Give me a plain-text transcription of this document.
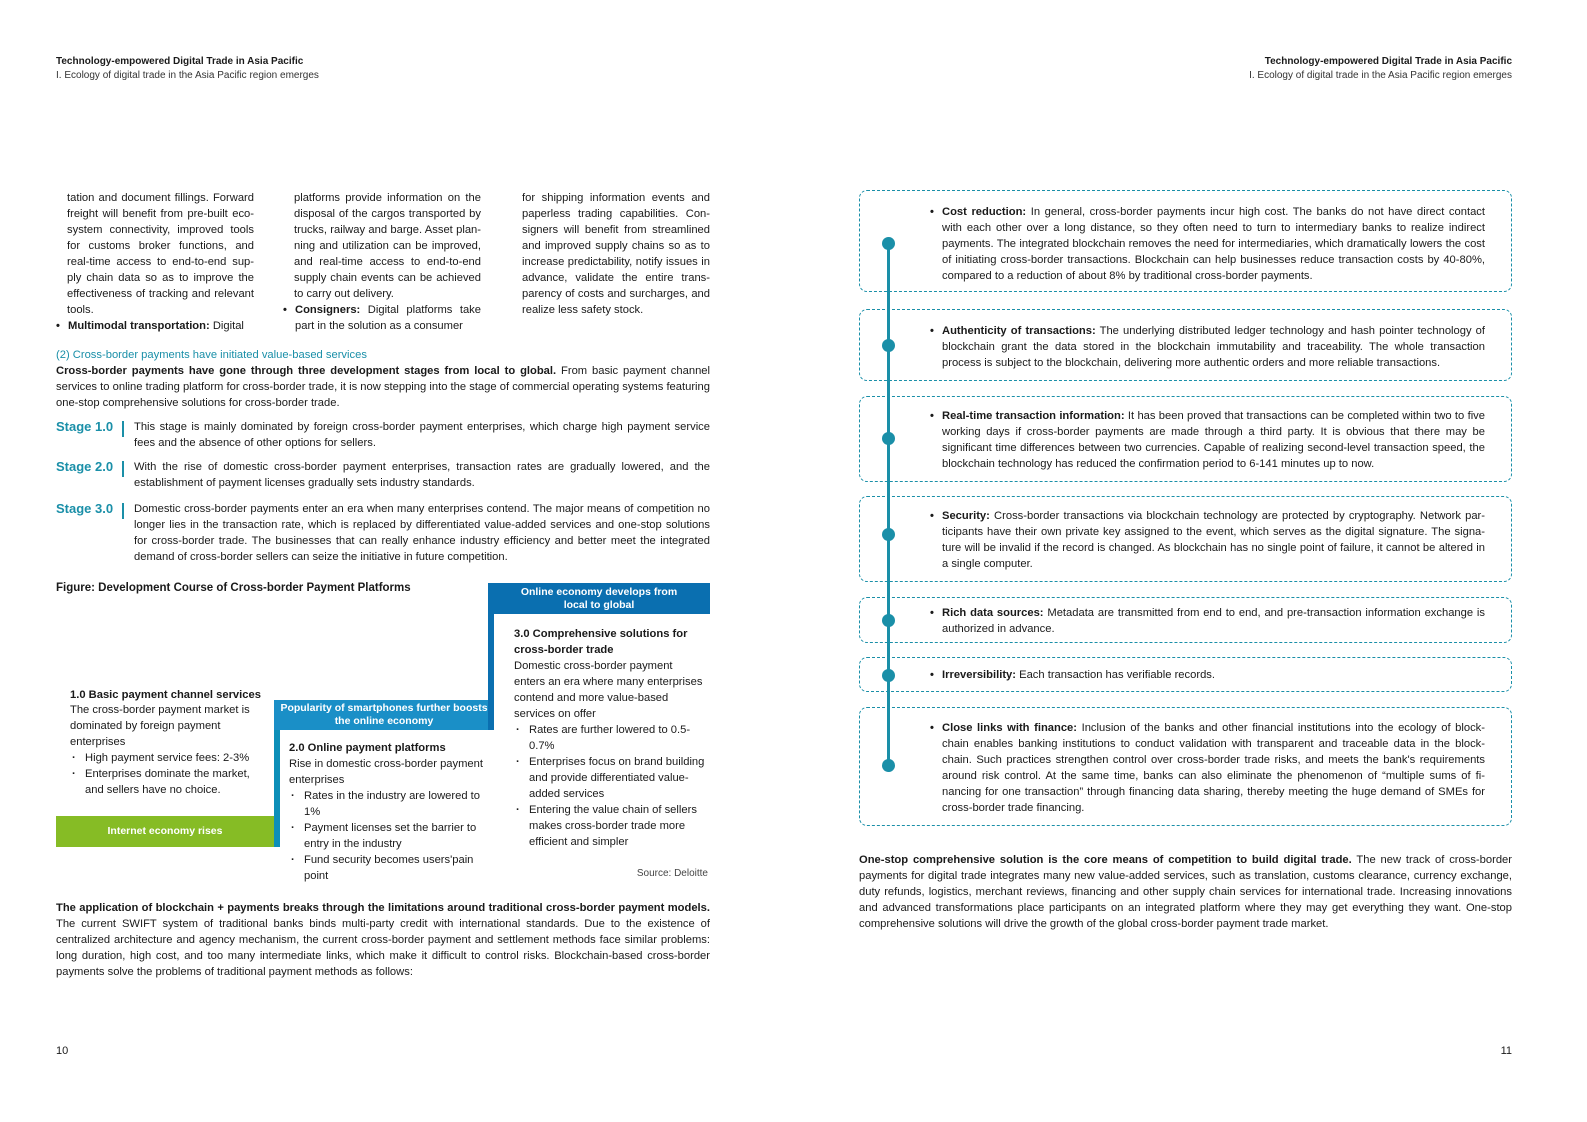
Technology-empowered Digital Trade in Asia Pacific
I. Ecology of digital trade in the Asia Pacific region emerges
Technology-empowered Digital Trade in Asia Pacific
I. Ecology of digital trade in the Asia Pacific region emerges
tation and document fillings. Forward freight will benefit from pre-built eco-system connectivity, improved tools for customs broker functions, and real-time access to end-to-end sup-ply chain data so as to improve the effectiveness of tracking and relevant tools.
• Multimodal transportation: Digital
platforms provide information on the disposal of the cargos transported by trucks, railway and barge. Asset plan-ning and utilization can be improved, and real-time access to end-to-end supply chain events can be achieved to carry out delivery.
• Consigners: Digital platforms take part in the solution as a consumer
for shipping information events and paperless trading capabilities. Con-signers will benefit from streamlined and improved supply chains so as to increase predictability, notify issues in advance, validate the entire trans-parency of costs and surcharges, and realize less safety stock.
(2) Cross-border payments have initiated value-based services
Cross-border payments have gone through three development stages from local to global. From basic payment channel services to online trading platform for cross-border trade, it is now stepping into the stage of commercial operating systems featuring one-stop comprehensive solutions for cross-border trade.
Stage 1.0	This stage is mainly dominated by foreign cross-border payment enterprises, which charge high payment service fees and the absence of other options for sellers.
Stage 2.0	With the rise of domestic cross-border payment enterprises, transaction rates are gradually lowered, and the establishment of payment licenses gradually sets industry standards.
Stage 3.0	Domestic cross-border payments enter an era when many enterprises contend. The major means of competition no longer lies in the transaction rate, which is replaced by differentiated value-added services and one-stop solutions for cross-border trade. The businesses that can really enhance industry efficiency and better meet the integrated demand of cross-border sellers can seize the initiative in future competition.
Figure: Development Course of Cross-border Payment Platforms
Internet economy rises
Popularity of smartphones further boosts the online economy
Online economy develops from local to global
1.0 Basic payment channel services
The cross-border payment market is dominated by foreign payment enterprises
· High payment service fees: 2-3%
· Enterprises dominate the market, and sellers have no choice.
2.0 Online payment platforms
Rise in domestic cross-border payment enterprises
· Rates in the industry are lowered to 1%
· Payment licenses set the barrier to entry in the industry
· Fund security becomes users'pain point
3.0 Comprehensive solutions for cross-border trade
Domestic cross-border payment enters an era where many enterprises contend and more value-based services on offer
· Rates are further lowered to 0.5-0.7%
· Enterprises focus on brand building and provide differentiated value-added services
· Entering the value chain of sellers makes cross-border trade more efficient and simpler
Source: Deloitte
The application of blockchain + payments breaks through the limitations around traditional cross-border payment models. The current SWIFT system of traditional banks binds multi-party credit with international standards. Due to the existence of centralized architecture and agency mechanism, the current cross-border payment and settlement methods face similar problems: long duration, high cost, and too many intermediate links, which make it difficult to control risks. Blockchain-based cross-border payments solve the problems of traditional payment methods as follows:
10
• Cost reduction: In general, cross-border payments incur high cost. The banks do not have direct contact with each other over a long distance, so they often need to turn to intermediary banks to realize indirect payments. The integrated blockchain removes the need for intermediaries, which dramatically lowers the cost of initiating cross-border transactions. Blockchain can help businesses reduce transaction costs by 40-80%, compared to a reduction of about 8% by traditional cross-border payments.
• Authenticity of transactions: The underlying distributed ledger technology and hash pointer technology of blockchain grant the data stored in the blockchain immutability and traceability. The whole transaction process is subject to the blockchain, delivering more authentic orders and more reliable transactions.
• Real-time transaction information: It has been proved that transactions can be completed within two to five working days if cross-border payments are made through a third party. It is obvious that there may be significant time differences between two currencies. Capable of realizing second-level transaction speed, the blockchain technology has reduced the confirmation period to 6-141 minutes up to now.
• Security: Cross-border transactions via blockchain technology are protected by cryptography. Network par-ticipants have their own private key assigned to the event, which serves as the digital signature. The signa-ture will be invalid if the record is changed. As blockchain has no single point of failure, it cannot be altered in a single computer.
• Rich data sources: Metadata are transmitted from end to end, and pre-transaction information exchange is authorized in advance.
• Irreversibility: Each transaction has verifiable records.
• Close links with finance: Inclusion of the banks and other financial institutions into the ecology of block-chain enables banking institutions to conduct validation with transparent and traceable data in the block-chain. Such practices strengthen control over cross-border trade risks, and meets the bank's requirements around risk control. At the same time, banks can also eliminate the phenomenon of “multiple sums of fi-nancing for one transaction” through financing data sharing, thereby meeting the huge demand of SMEs for cross-border trade financing.
One-stop comprehensive solution is the core means of competition to build digital trade. The new track of cross-border payments for digital trade integrates many new value-added services, such as translation, customs clearance, currency exchange, duty refunds, logistics, merchant reviews, financing and other supply chain services for international trade. Increasing innovations and advanced transformations place participants on an integrated platform where they may get everything they want. One-stop comprehensive solutions will drive the growth of the global cross-border payment trade market.
11
